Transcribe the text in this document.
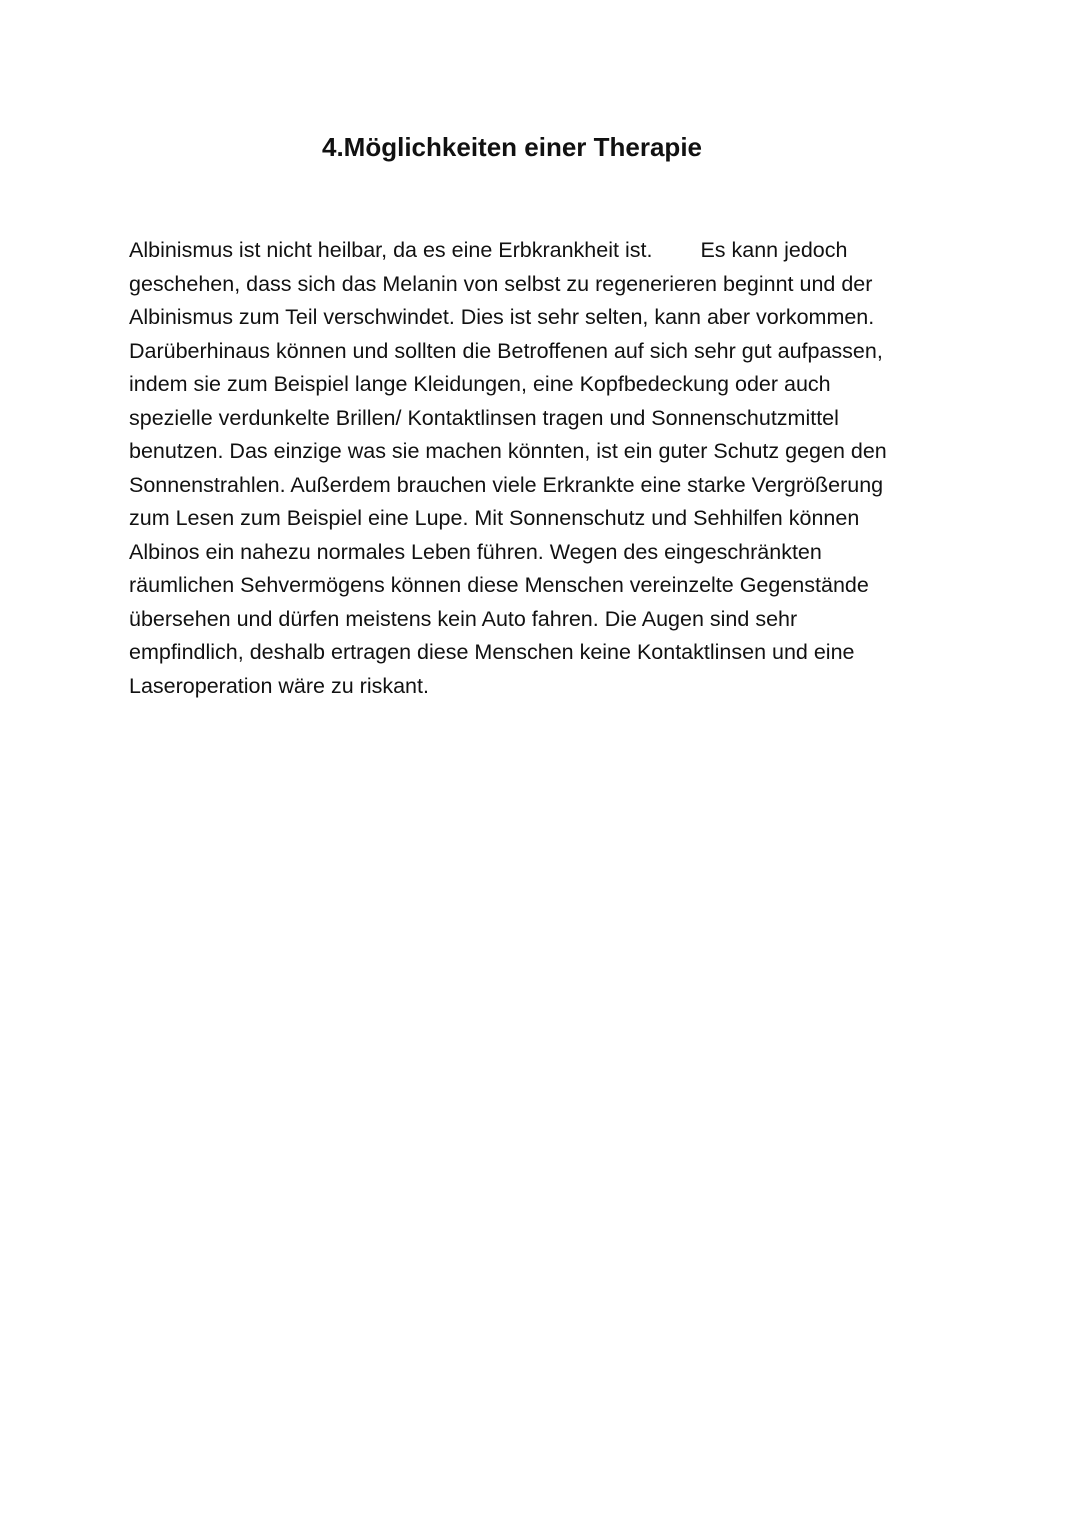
4.Möglichkeiten einer Therapie
Albinismus ist nicht heilbar, da es eine Erbkrankheit ist. Es kann jedoch
geschehen, dass sich das Melanin von selbst zu regenerieren beginnt und der
Albinismus zum Teil verschwindet. Dies ist sehr selten, kann aber vorkommen.
Darüberhinaus können und sollten die Betroffenen auf sich sehr gut aufpassen,
indem sie zum Beispiel lange Kleidungen, eine Kopfbedeckung oder auch
spezielle verdunkelte Brillen/ Kontaktlinsen tragen und Sonnenschutzmittel
benutzen. Das einzige was sie machen könnten, ist ein guter Schutz gegen den
Sonnenstrahlen. Außerdem brauchen viele Erkrankte eine starke Vergrößerung
zum Lesen zum Beispiel eine Lupe. Mit Sonnenschutz und Sehhilfen können
Albinos ein nahezu normales Leben führen. Wegen des eingeschränkten
räumlichen Sehvermögens können diese Menschen vereinzelte Gegenstände
übersehen und dürfen meistens kein Auto fahren. Die Augen sind sehr
empfindlich, deshalb ertragen diese Menschen keine Kontaktlinsen und eine
Laseroperation wäre zu riskant.
